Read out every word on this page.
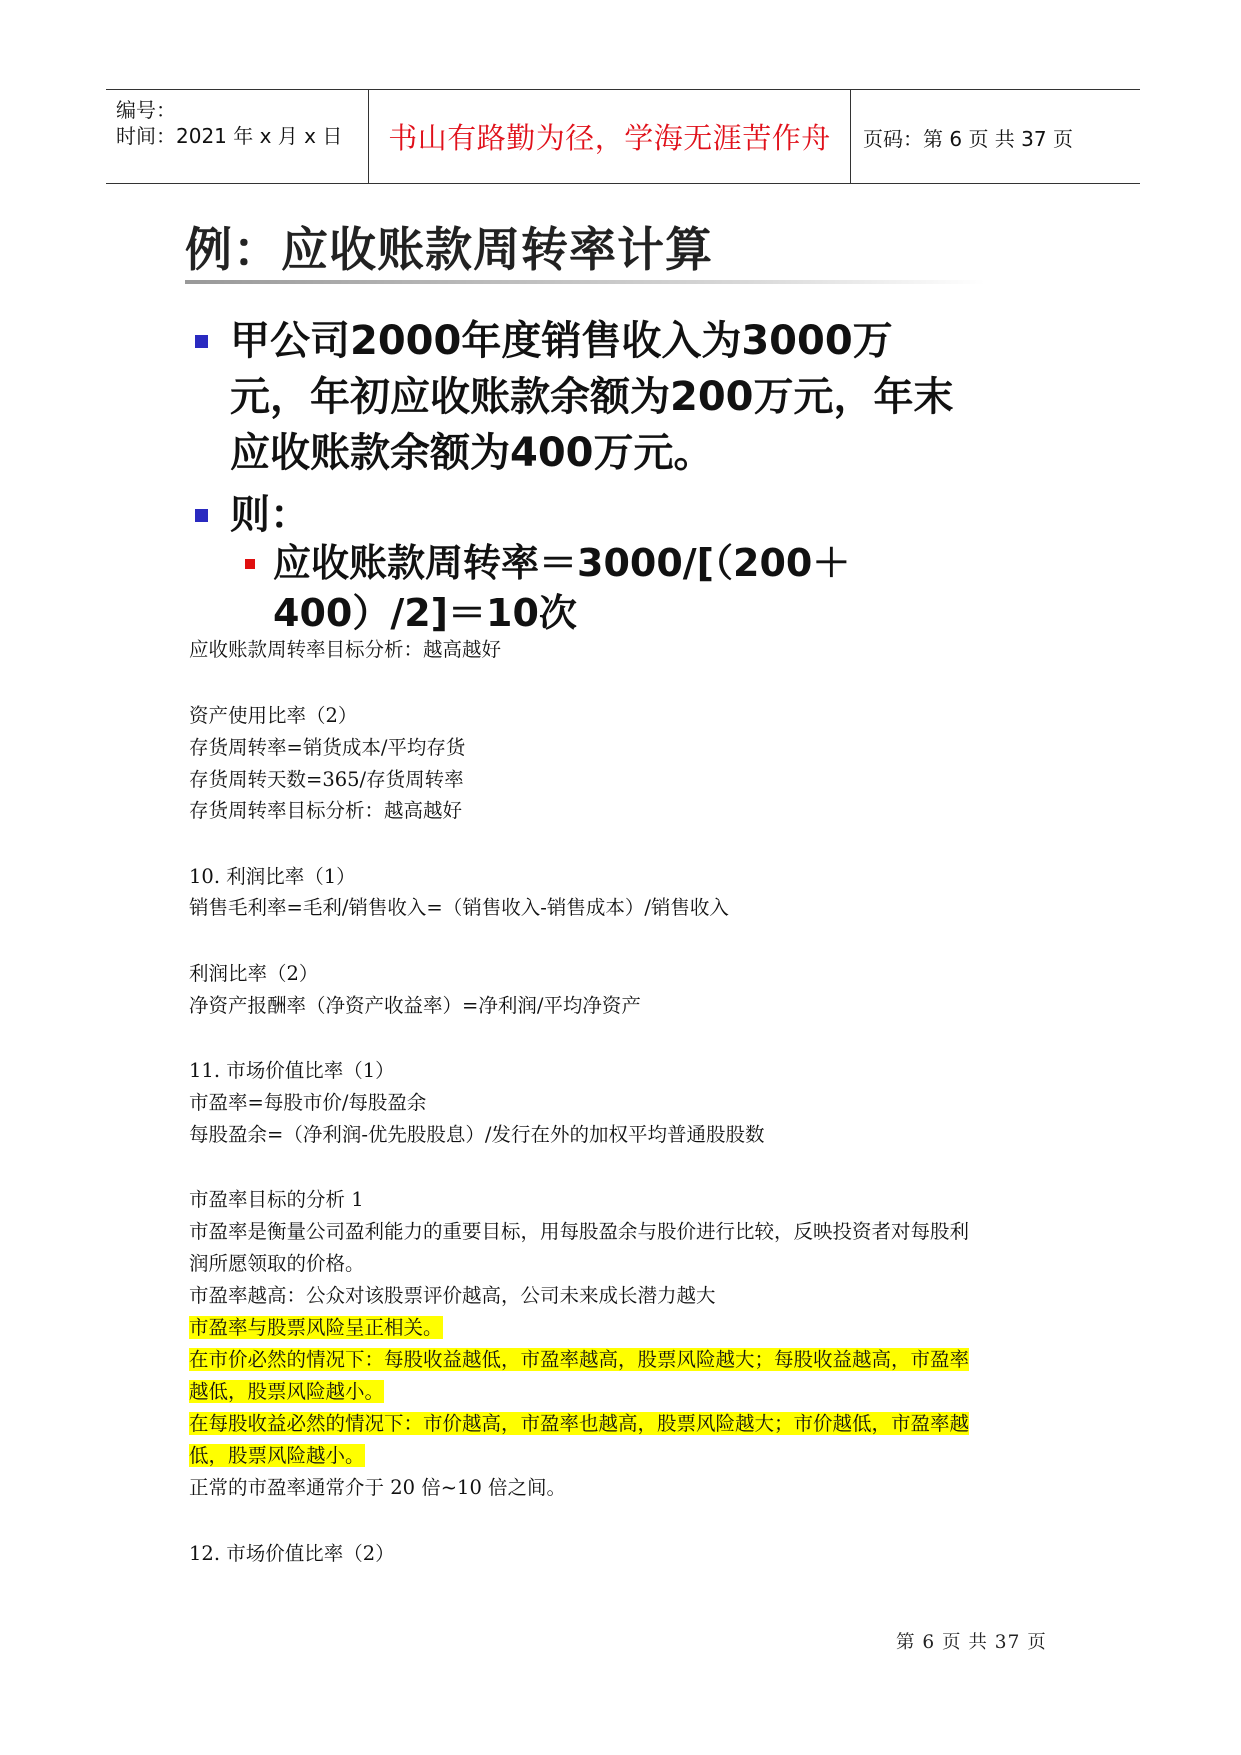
编号：
时间：2021 年 x 月 x 日	书山有路勤为径，学海无涯苦作舟	页码：第 6 页 共 37 页
例：应收账款周转率计算
甲公司2000年度销售收入为3000万元，年初应收账款余额为200万元，年末应收账款余额为400万元。
则：
应收账款周转率＝3000/[（200＋400）/2]＝10次
应收账款周转率目标分析：越高越好
资产使用比率（2）
存货周转率=销货成本/平均存货
存货周转天数=365/存货周转率
存货周转率目标分析：越高越好
10. 利润比率（1）
销售毛利率=毛利/销售收入=（销售收入-销售成本）/销售收入
利润比率（2）
净资产报酬率（净资产收益率）=净利润/平均净资产
11. 市场价值比率（1）
市盈率=每股市价/每股盈余
每股盈余=（净利润-优先股股息）/发行在外的加权平均普通股股数
市盈率目标的分析 1
市盈率是衡量公司盈利能力的重要目标，用每股盈余与股价进行比较，反映投资者对每股利
润所愿领取的价格。
市盈率越高：公众对该股票评价越高，公司未来成长潜力越大
市盈率与股票风险呈正相关。
在市价必然的情况下：每股收益越低，市盈率越高，股票风险越大；每股收益越高，市盈率
越低，股票风险越小。
在每股收益必然的情况下：市价越高，市盈率也越高，股票风险越大；市价越低，市盈率越
低，股票风险越小。
正常的市盈率通常介于 20 倍~10 倍之间。
12. 市场价值比率（2）
第 6 页 共 37 页
